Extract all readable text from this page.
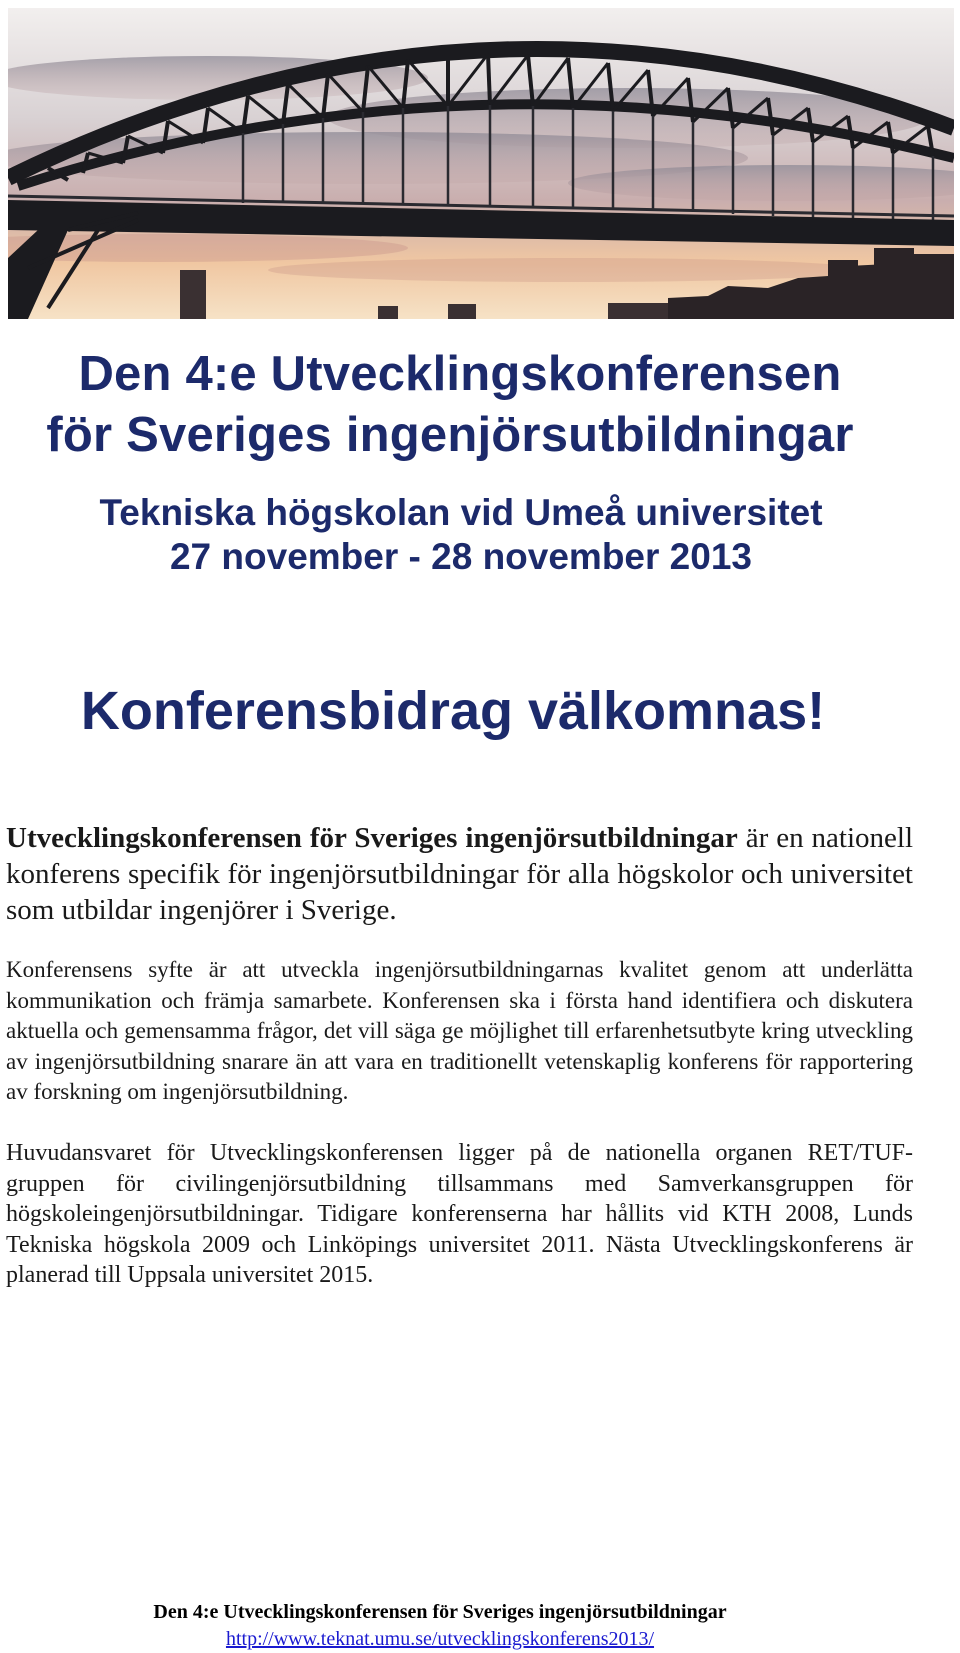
Den 4:e Utvecklingskonferensen
för Sveriges ingenjörsutbildningar
Tekniska högskolan vid Umeå universitet
27 november - 28 november 2013
Konferensbidrag välkomnas!
Utvecklingskonferensen för Sveriges ingenjörsutbildningar är en nationell konferens specifik för ingenjörsutbildningar för alla högskolor och universitet som utbildar ingenjörer i Sverige.
Konferensens syfte är att utveckla ingenjörsutbildningarnas kvalitet genom att underlätta kommunikation och främja samarbete. Konferensen ska i första hand identifiera och diskutera aktuella och gemensamma frågor, det vill säga ge möjlighet till erfarenhetsutbyte kring utveckling av ingenjörsutbildning snarare än att vara en traditionellt vetenskaplig konferens för rapportering av forskning om ingenjörsutbildning.
Huvudansvaret för Utvecklingskonferensen ligger på de nationella organen RET/TUF-gruppen för civilingenjörsutbildning tillsammans med Samverkansgruppen för högskoleingenjörsutbildningar. Tidigare konferenserna har hållits vid KTH 2008, Lunds Tekniska högskola 2009 och Linköpings universitet 2011. Nästa Utvecklingskonferens är planerad till Uppsala universitet 2015.
Den 4:e Utvecklingskonferensen för Sveriges ingenjörsutbildningar
http://www.teknat.umu.se/utvecklingskonferens2013/
